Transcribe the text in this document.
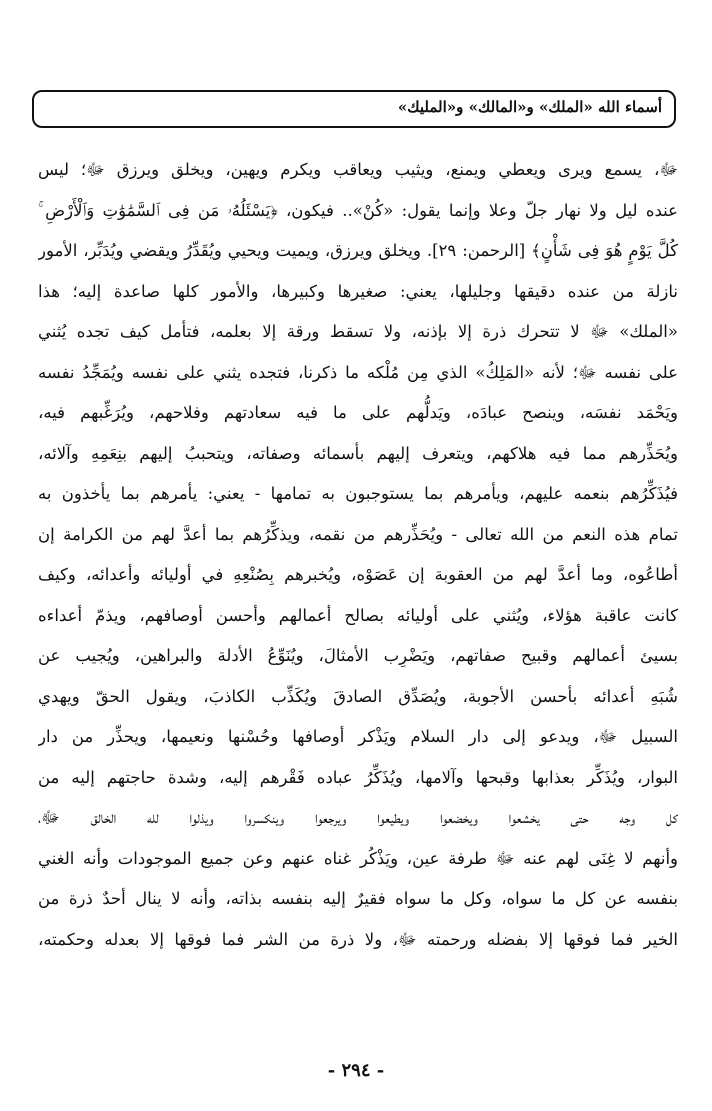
أسماء الله «الملك» و«المالك» و«المليك»
ﷻ، يسمع ويرى ويعطي ويمنع، ويثيب ويعاقب ويكرم ويهين، ويخلق ويرزق ﷻ؛ ليس
عنده ليل ولا نهار جلّ وعلا وإنما يقول: «كُنْ».. فيكون، ﴿يَسْئَلُهُۥ مَن فِى ٱلسَّمَٰوَٰتِ وَٱلْأَرْضِ ۚ
كُلَّ يَوْمٍ هُوَ فِى شَأْنٍ﴾ [الرحمن: ٢٩]. ويخلق ويرزق، ويميت ويحيي ويُقَدِّرُ ويقضي ويُدَبِّر، الأمور
نازلة من عنده دقيقها وجليلها، يعني: صغيرها وكبيرها، والأمور كلها صاعدة إليه؛ هذا
«الملك» ﷻ لا تتحرك ذرة إلا بإذنه، ولا تسقط ورقة إلا بعلمه، فتأمل كيف تجده يُثني
على نفسه ﷻ؛ لأنه «المَلِكُ» الذي مِن مُلْكه ما ذكرنا، فتجده يثني على نفسه ويُمَجِّدُ نفسه
ويَحْمَد نفسَه، وينصح عبادَه، ويَدلُّهم على ما فيه سعادتهم وفلاحهم، ويُرَغِّبهم فيه،
ويُحَذِّرهم مما فيه هلاكهم، ويتعرف إليهم بأسمائه وصفاته، ويتحببُ إليهم بنِعَمِهِ وآلائه،
فيُذَكِّرُهم بنعمه عليهم، ويأمرهم بما يستوجبون به تمامها - يعني: يأمرهم بما يأخذون به
تمام هذه النعم من الله تعالى - ويُحَذِّرهم من نقمه، ويذكِّرُهم بما أعدَّ لهم من الكرامة إن
أطاعُوه، وما أعدَّ لهم من العقوبة إن عَصَوْه، ويُخبرهم بِصُنْعِهِ في أوليائه وأعدائه، وكيف
كانت عاقبة هؤلاء، ويُثني على أوليائه بصالح أعمالهم وأحسن أوصافهم، ويذمّ أعداءه
بسيئ أعمالهم وقبيح صفاتهم، ويَضْرِب الأمثالَ، ويُنَوِّعُ الأدلة والبراهين، ويُجيب عن
شُبَهِ أعدائه بأحسن الأجوبة، ويُصَدِّق الصادقَ ويُكَذِّب الكاذبَ، ويقول الحقّ ويهدي
السبيل ﷻ، ويدعو إلى دار السلام ويَذْكر أوصافها وحُسْنها ونعيمها، ويحذِّر من دار
البوار، ويُذَكِّر بعذابها وقبحها وآلامها، ويُذَكِّرُ عباده فَقْرهم إليه، وشدة حاجتهم إليه من
كل وجه حتى يخشعوا ويخضعوا ويطيعوا ويرجعوا وينكسروا ويذلوا لله الخالق ﷻ،
وأنهم لا غِنَى لهم عنه ﷻ طرفة عين، ويَذْكُر غناه عنهم وعن جميع الموجودات وأنه الغني
بنفسه عن كل ما سواه، وكل ما سواه فقيرٌ إليه بنفسه بذاته، وأنه لا ينال أحدٌ ذرة من
الخير فما فوقها إلا بفضله ورحمته ﷻ، ولا ذرة من الشر فما فوقها إلا بعدله وحكمته،
- ٢٩٤ -
